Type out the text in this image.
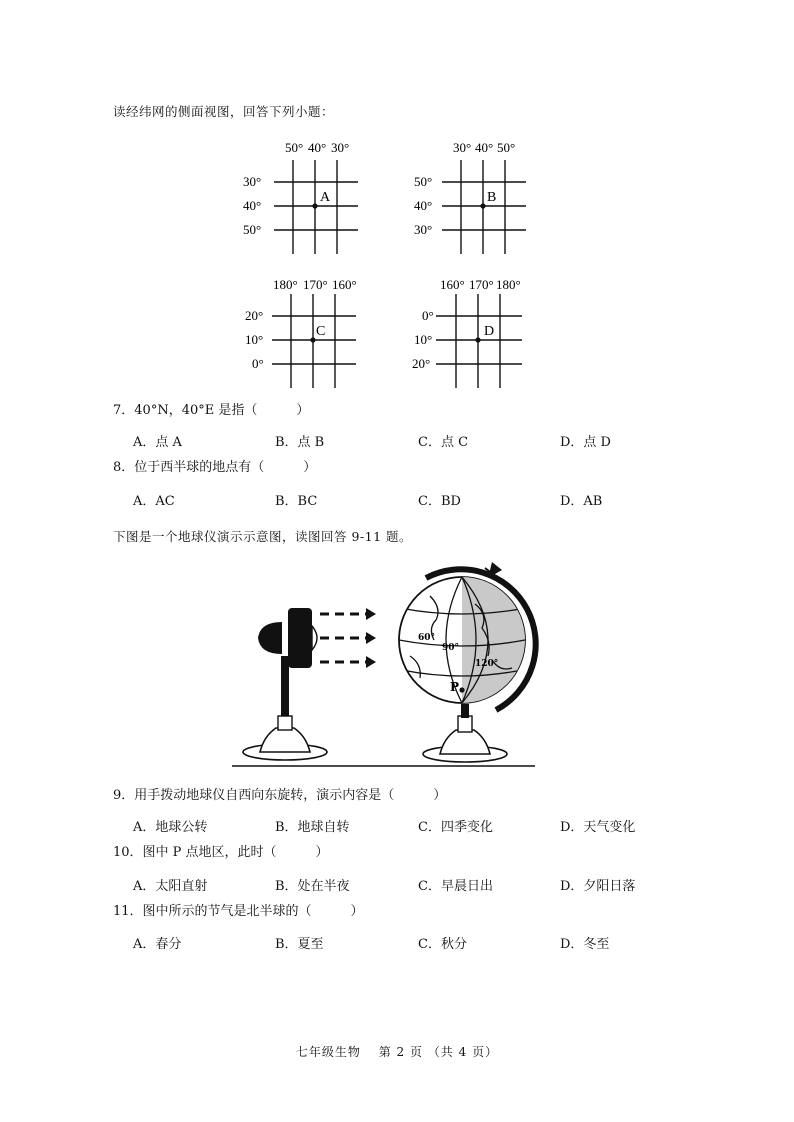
读经纬网的侧面视图，回答下列小题：
50° 40° 30°
30°
40°
50°
A
30° 40° 50°
50°
40°
30°
B
180° 170° 160°
20°
10°
0°
C
160° 170° 180°
0°
10°
20°
D
7．40°N，40°E 是指（　　　）
A．点 A	B．点 B	C．点 C	D．点 D
8．位于西半球的地点有（　　　）
A．AC	B．BC	C．BD	D．AB
下图是一个地球仪演示示意图，读图回答 9-11 题。
60°
90°
120°
P
9．用手拨动地球仪自西向东旋转，演示内容是（　　　）
A．地球公转	B．地球自转	C．四季变化	D．天气变化
10．图中 P 点地区，此时（　　　）
A．太阳直射	B．处在半夜	C．早晨日出	D．夕阳日落
11．图中所示的节气是北半球的（　　　）
A．春分	B．夏至	C．秋分	D．冬至
七年级生物　 第 2 页 （共 4 页）
